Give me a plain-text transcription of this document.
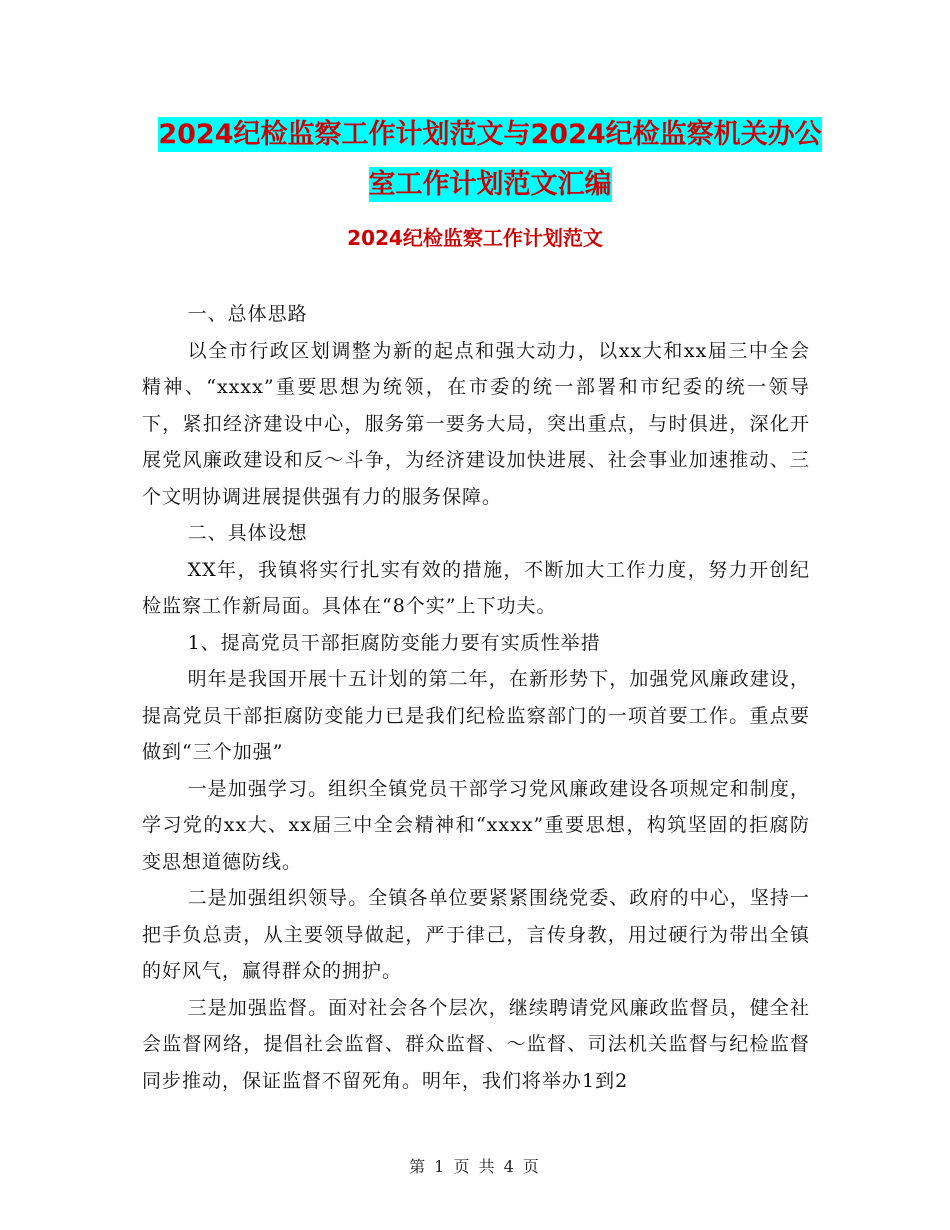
2024纪检监察工作计划范文与2024纪检监察机关办公
室工作计划范文汇编
2024纪检监察工作计划范文

一、总体思路

以全市行政区划调整为新的起点和强大动力，以xx大和xx届三中全会精神、“xxxx”重要思想为统领，在市委的统一部署和市纪委的统一领导下，紧扣经济建设中心，服务第一要务大局，突出重点，与时俱进，深化开展党风廉政建设和反～斗争，为经济建设加快进展、社会事业加速推动、三个文明协调进展提供强有力的服务保障。

二、具体设想

XX年，我镇将实行扎实有效的措施，不断加大工作力度，努力开创纪检监察工作新局面。具体在“8个实”上下功夫。

1、提高党员干部拒腐防变能力要有实质性举措

明年是我国开展十五计划的第二年，在新形势下，加强党风廉政建设，提高党员干部拒腐防变能力已是我们纪检监察部门的一项首要工作。重点要做到“三个加强”

一是加强学习。组织全镇党员干部学习党风廉政建设各项规定和制度，学习党的xx大、xx届三中全会精神和“xxxx”重要思想，构筑坚固的拒腐防变思想道德防线。

二是加强组织领导。全镇各单位要紧紧围绕党委、政府的中心，坚持一把手负总责，从主要领导做起，严于律己，言传身教，用过硬行为带出全镇的好风气，赢得群众的拥护。

三是加强监督。面对社会各个层次，继续聘请党风廉政监督员，健全社会监督网络，提倡社会监督、群众监督、～监督、司法机关监督与纪检监督同步推动，保证监督不留死角。明年，我们将举办1到2

第 1 页 共 4 页
